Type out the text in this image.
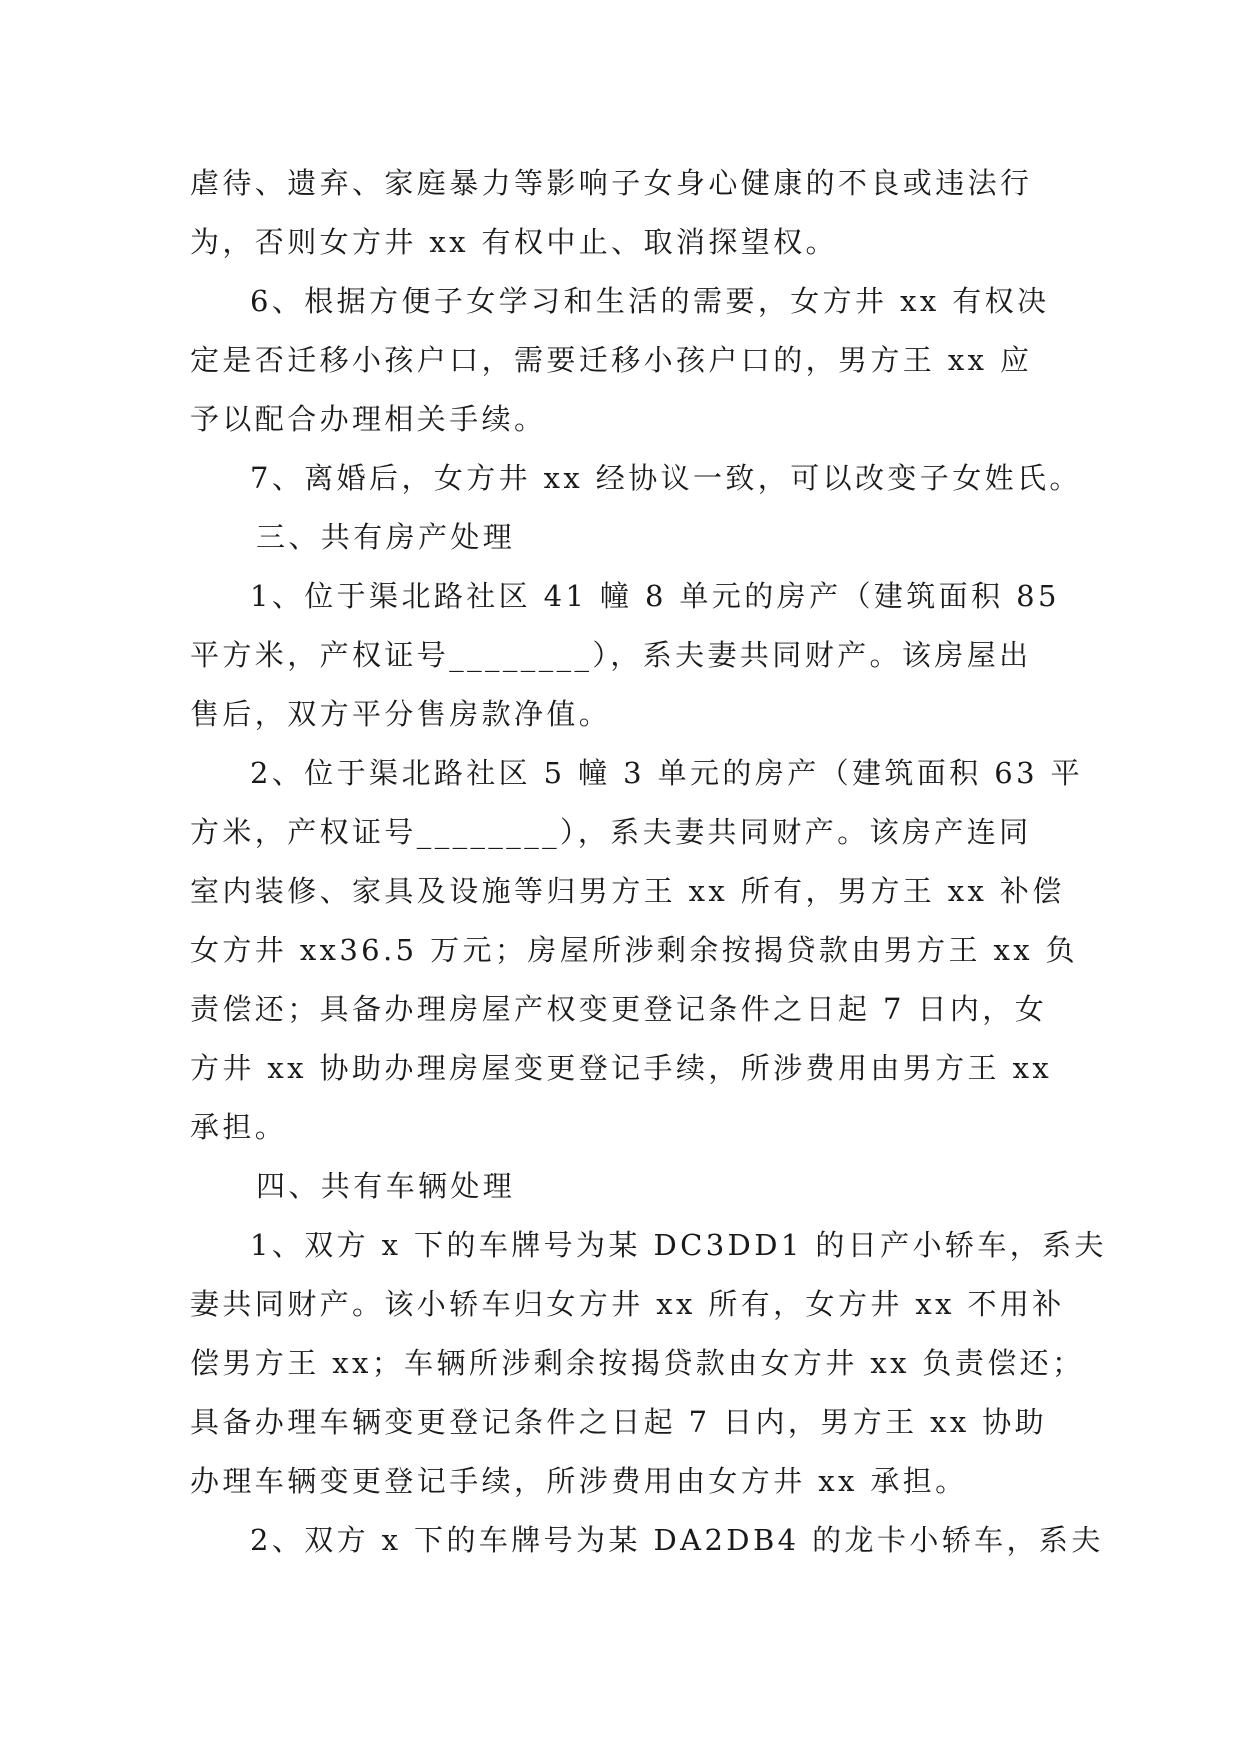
虐待、遗弃、家庭暴力等影响子女身心健康的不良或违法行
为，否则女方井 xx 有权中止、取消探望权。
6、根据方便子女学习和生活的需要，女方井 xx 有权决
定是否迁移小孩户口，需要迁移小孩户口的，男方王 xx 应
予以配合办理相关手续。
7、离婚后，女方井 xx 经协议一致，可以改变子女姓氏。
三、共有房产处理
1、位于渠北路社区 41 幢 8 单元的房产（建筑面积 85
平方米，产权证号________），系夫妻共同财产。该房屋出
售后，双方平分售房款净值。
2、位于渠北路社区 5 幢 3 单元的房产（建筑面积 63 平
方米，产权证号________），系夫妻共同财产。该房产连同
室内装修、家具及设施等归男方王 xx 所有，男方王 xx 补偿
女方井 xx36.5 万元；房屋所涉剩余按揭贷款由男方王 xx 负
责偿还；具备办理房屋产权变更登记条件之日起 7 日内，女
方井 xx 协助办理房屋变更登记手续，所涉费用由男方王 xx
承担。
四、共有车辆处理
1、双方 x 下的车牌号为某 DC3DD1 的日产小轿车，系夫
妻共同财产。该小轿车归女方井 xx 所有，女方井 xx 不用补
偿男方王 xx；车辆所涉剩余按揭贷款由女方井 xx 负责偿还；
具备办理车辆变更登记条件之日起 7 日内，男方王 xx 协助
办理车辆变更登记手续，所涉费用由女方井 xx 承担。
2、双方 x 下的车牌号为某 DA2DB4 的龙卡小轿车，系夫
